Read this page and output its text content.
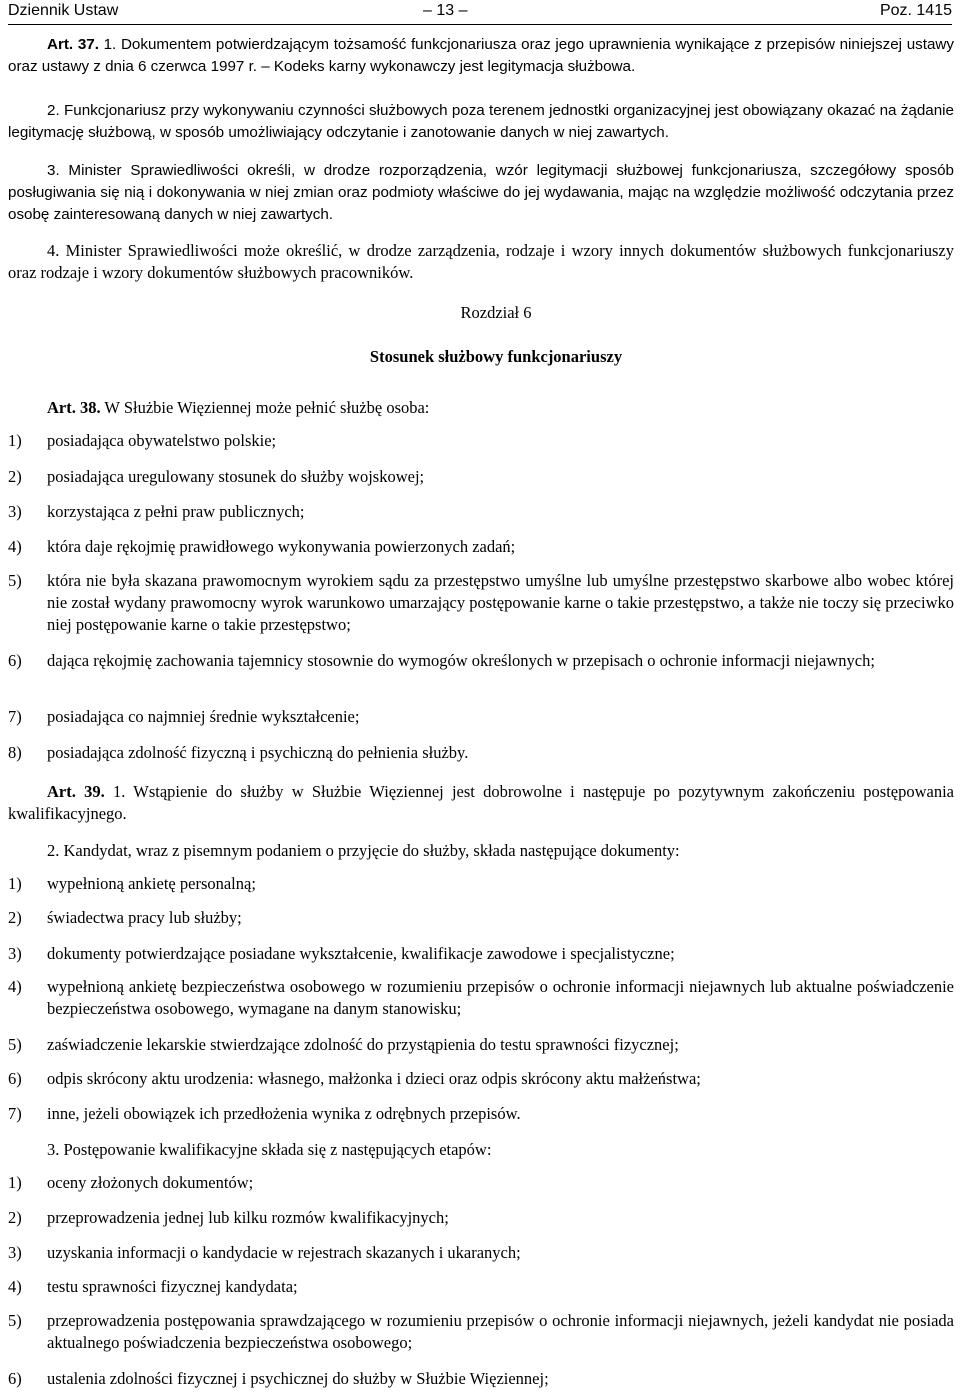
Dziennik Ustaw	– 13 –	Poz. 1415
Art. 37. 1. Dokumentem potwierdzającym tożsamość funkcjonariusza oraz jego uprawnienia wynikające z przepisów niniejszej ustawy oraz ustawy z dnia 6 czerwca 1997 r. – Kodeks karny wykonawczy jest legitymacja służbowa.
2. Funkcjonariusz przy wykonywaniu czynności służbowych poza terenem jednostki organizacyjnej jest obowiązany okazać na żądanie legitymację służbową, w sposób umożliwiający odczytanie i zanotowanie danych w niej zawartych.
3. Minister Sprawiedliwości określi, w drodze rozporządzenia, wzór legitymacji służbowej funkcjonariusza, szczegółowy sposób posługiwania się nią i dokonywania w niej zmian oraz podmioty właściwe do jej wydawania, mając na względzie możliwość odczytania przez osobę zainteresowaną danych w niej zawartych.
4. Minister Sprawiedliwości może określić, w drodze zarządzenia, rodzaje i wzory innych dokumentów służbowych funkcjonariuszy oraz rodzaje i wzory dokumentów służbowych pracowników.
Rozdział 6
Stosunek służbowy funkcjonariuszy
Art. 38. W Służbie Więziennej może pełnić służbę osoba:
1) posiadająca obywatelstwo polskie;
2) posiadająca uregulowany stosunek do służby wojskowej;
3) korzystająca z pełni praw publicznych;
4) która daje rękojmię prawidłowego wykonywania powierzonych zadań;
5) która nie była skazana prawomocnym wyrokiem sądu za przestępstwo umyślne lub umyślne przestępstwo skarbowe albo wobec której nie został wydany prawomocny wyrok warunkowo umarzający postępowanie karne o takie przestępstwo, a także nie toczy się przeciwko niej postępowanie karne o takie przestępstwo;
6) dająca rękojmię zachowania tajemnicy stosownie do wymogów określonych w przepisach o ochronie informacji niejawnych;
7) posiadająca co najmniej średnie wykształcenie;
8) posiadająca zdolność fizyczną i psychiczną do pełnienia służby.
Art. 39. 1. Wstąpienie do służby w Służbie Więziennej jest dobrowolne i następuje po pozytywnym zakończeniu postępowania kwalifikacyjnego.
2. Kandydat, wraz z pisemnym podaniem o przyjęcie do służby, składa następujące dokumenty:
1) wypełnioną ankietę personalną;
2) świadectwa pracy lub służby;
3) dokumenty potwierdzające posiadane wykształcenie, kwalifikacje zawodowe i specjalistyczne;
4) wypełnioną ankietę bezpieczeństwa osobowego w rozumieniu przepisów o ochronie informacji niejawnych lub aktualne poświadczenie bezpieczeństwa osobowego, wymagane na danym stanowisku;
5) zaświadczenie lekarskie stwierdzające zdolność do przystąpienia do testu sprawności fizycznej;
6) odpis skrócony aktu urodzenia: własnego, małżonka i dzieci oraz odpis skrócony aktu małżeństwa;
7) inne, jeżeli obowiązek ich przedłożenia wynika z odrębnych przepisów.
3. Postępowanie kwalifikacyjne składa się z następujących etapów:
1) oceny złożonych dokumentów;
2) przeprowadzenia jednej lub kilku rozmów kwalifikacyjnych;
3) uzyskania informacji o kandydacie w rejestrach skazanych i ukaranych;
4) testu sprawności fizycznej kandydata;
5) przeprowadzenia postępowania sprawdzającego w rozumieniu przepisów o ochronie informacji niejawnych, jeżeli kandydat nie posiada aktualnego poświadczenia bezpieczeństwa osobowego;
6) ustalenia zdolności fizycznej i psychicznej do służby w Służbie Więziennej;
